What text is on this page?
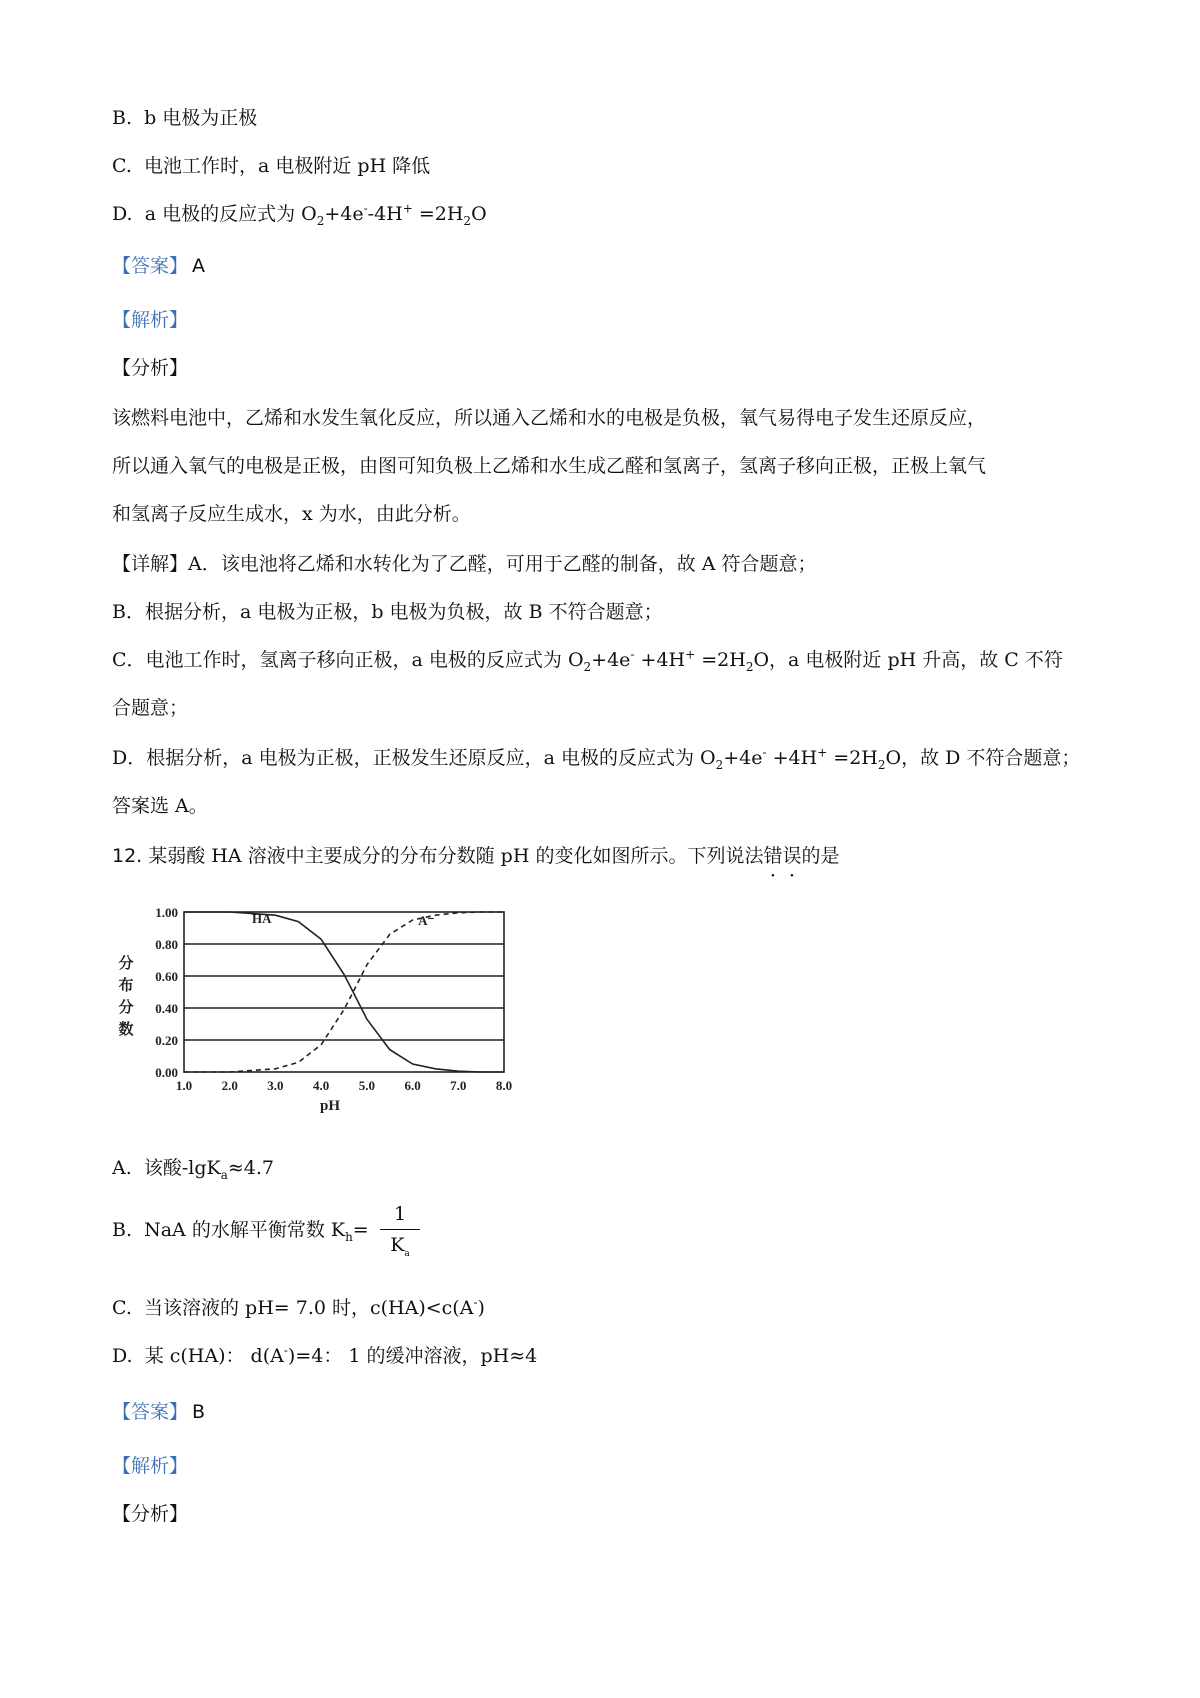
B. b 电极为正极
C. 电池工作时，a 电极附近 pH 降低
D. a 电极的反应式为 $O_2+4e^--4H^+ =2H_2O$
【答案】 A
【解析】
【分析】
该燃料电池中，乙烯和水发生氧化反应，所以通入乙烯和水的电极是负极，氧气易得电子发生还原反应，
所以通入氧气的电极是正极，由图可知负极上乙烯和水生成乙醛和氢离子，氢离子移向正极，正极上氧气
和氢离子反应生成水，x 为水，由此分析。
【详解】A．该电池将乙烯和水转化为了乙醛，可用于乙醛的制备，故 A 符合题意；
B．根据分析，a 电极为正极，b 电极为负极，故 B 不符合题意；
C．电池工作时，氢离子移向正极，a 电极的反应式为 $O_2+4e^- +4H^+ =2H_2O$，a 电极附近 pH 升高，故 C 不符
合题意；
D．根据分析，a 电极为正极，正极发生还原反应，a 电极的反应式为 $O_2+4e^- +4H^+ =2H_2O$，故 D 不符合题意；
答案选 A。
12. 某弱酸 HA 溶液中主要成分的分布分数随 pH 的变化如图所示。下列说法错误的是
0.00
0.20
0.40
0.60
0.80
1.00
1.0 2.0 3.0 4.0 5.0 6.0 7.0 8.0
pH
分
布
分
数
HA	A⁻
A. 该酸-lgK$_a$≈4.7
B. NaA 的水解平衡常数 $K_h=$
1
$K_a$
C. 当该溶液的 pH= 7.0 时，c(HA)<c(A-)
D. 某 c(HA)： d(A-)=4： 1 的缓冲溶液，pH≈4
【答案】 B
【解析】
【分析】
